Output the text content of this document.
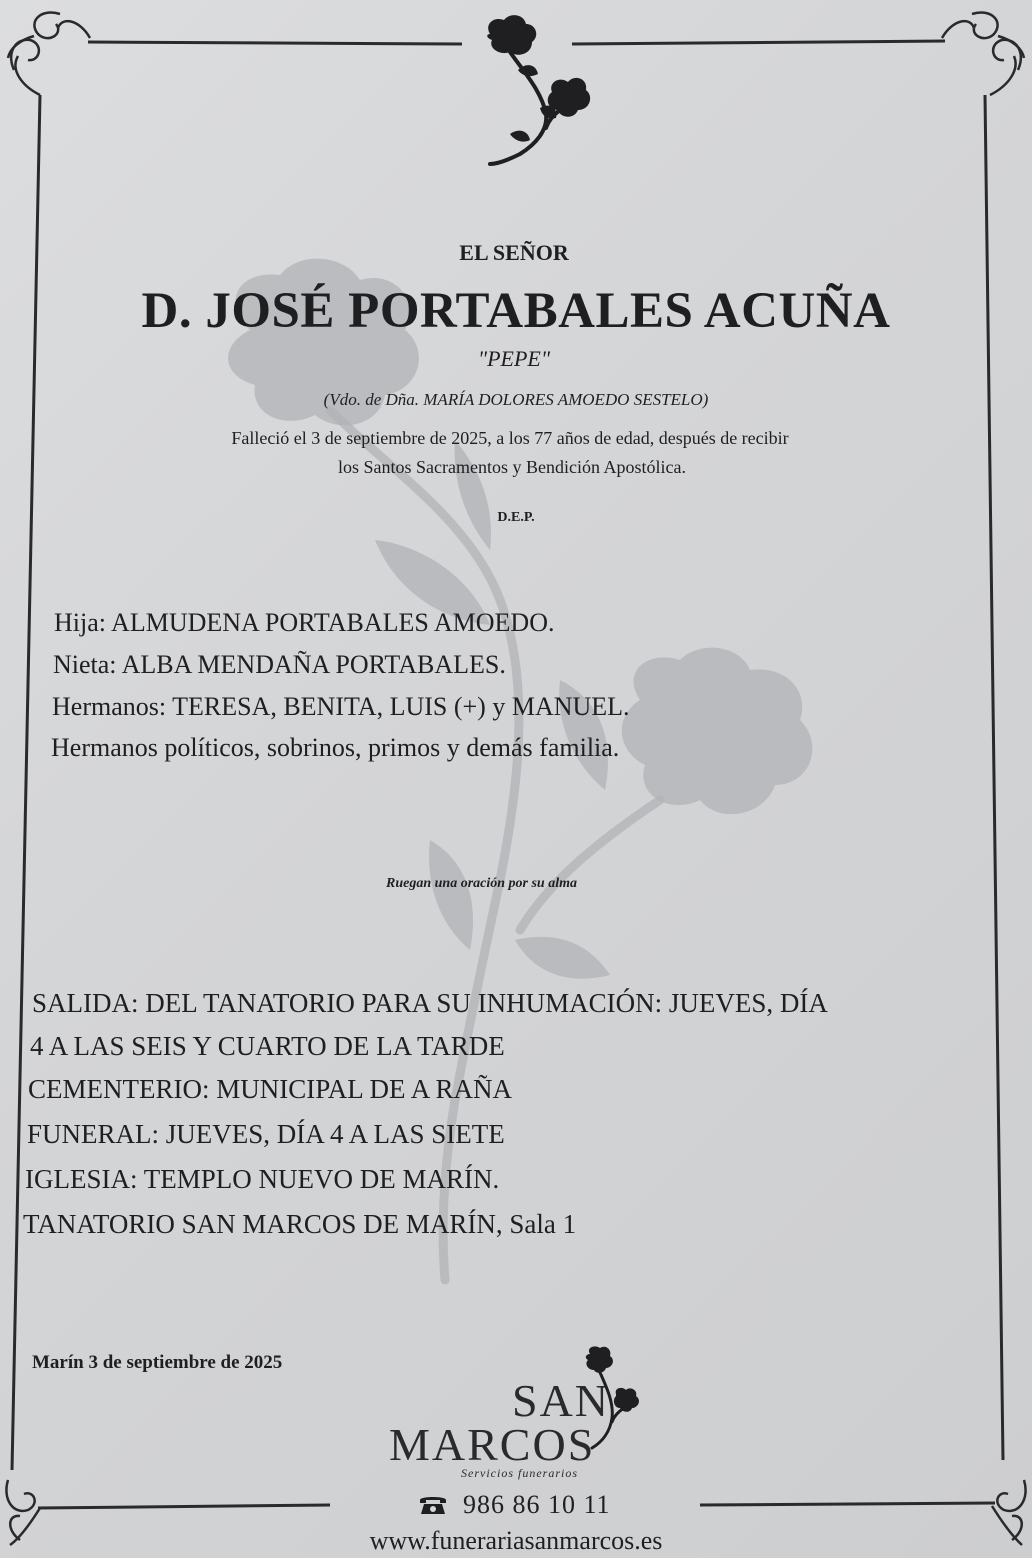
EL SEÑOR
D. JOSÉ PORTABALES ACUÑA
"PEPE"
(Vdo. de Dña. MARÍA DOLORES AMOEDO SESTELO)
Falleció el 3 de septiembre de 2025, a los 77 años de edad, después de recibir
los Santos Sacramentos y Bendición Apostólica.
D.E.P.
Hija: ALMUDENA PORTABALES AMOEDO.
Nieta: ALBA MENDAÑA PORTABALES.
Hermanos: TERESA, BENITA, LUIS (+) y MANUEL.
Hermanos políticos, sobrinos, primos y demás familia.
Ruegan una oración por su alma
SALIDA: DEL TANATORIO PARA SU INHUMACIÓN: JUEVES, DÍA
4 A LAS SEIS Y CUARTO DE LA TARDE
CEMENTERIO: MUNICIPAL DE A RAÑA
FUNERAL: JUEVES, DÍA 4 A LAS SIETE
IGLESIA: TEMPLO NUEVO DE MARÍN.
TANATORIO SAN MARCOS DE MARÍN, Sala 1
Marín 3 de septiembre de 2025
SAN
MARCOS
Servicios funerarios
986 86 10 11
www.funerariasanmarcos.es
